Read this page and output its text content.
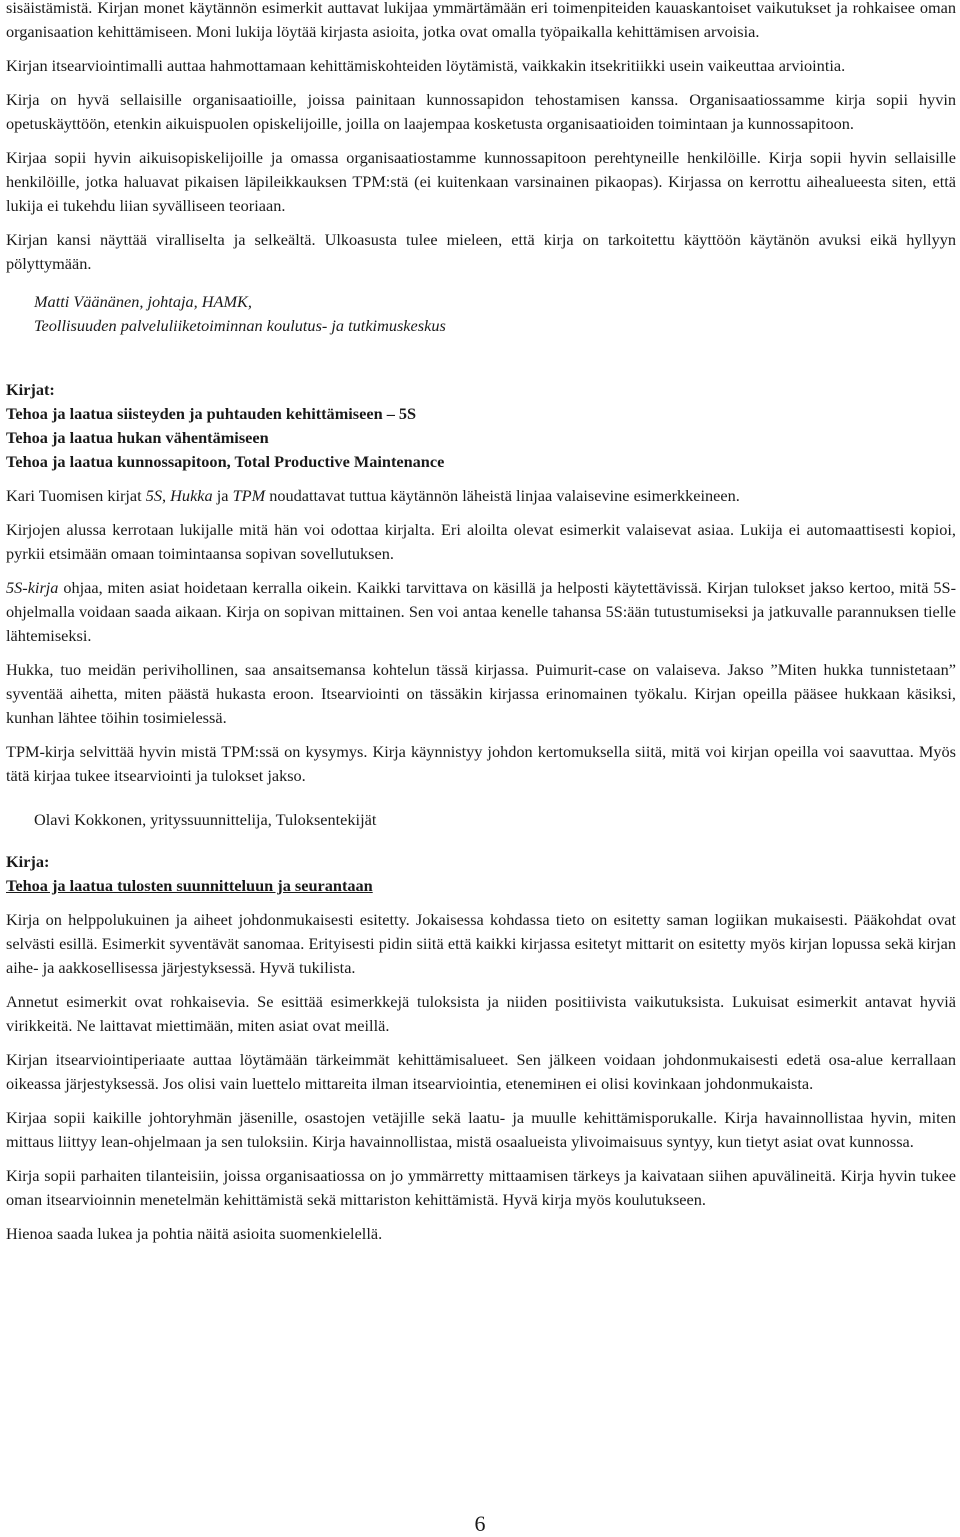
sisäistämistä. Kirjan monet käytännön esimerkit auttavat lukijaa ymmärtämään eri toimenpiteiden kauaskantoiset vaikutukset ja rohkaisee oman organisaation kehittämiseen. Moni lukija löytää kirjasta asioita, jotka ovat omalla työpaikalla kehittämisen arvoisia.

Kirjan itsearviointimalli auttaa hahmottamaan kehittämiskohteiden löytämistä, vaikkakin itsekritiikki usein vaikeuttaa arviointia.

Kirja on hyvä sellaisille organisaatioille, joissa painitaan kunnossapidon tehostamisen kanssa. Organisaatiossamme kirja sopii hyvin opetuskäyttöön, etenkin aikuispuolen opiskelijoille, joilla on laajempaa kosketusta organisaatioiden toimintaan ja kunnossapitoon.

Kirjaa sopii hyvin aikuisopiskelijoille ja omassa organisaatiostamme kunnossapitoon perehtyneille henkilöille. Kirja sopii hyvin sellaisille henkilöille, jotka haluavat pikaisen läpileikkauksen TPM:stä (ei kuitenkaan varsinainen pikaopas). Kirjassa on kerrottu aihealueesta siten, että lukija ei tukehdu liian syvälliseen teoriaan.

Kirjan kansi näyttää viralliselta ja selkeältä. Ulkoasusta tulee mieleen, että kirja on tarkoitettu käyttöön käytänön avuksi eikä hyllyyn pölyttymään.

Matti Väänänen, johtaja, HAMK,
Teollisuuden palveluliiketoiminnan koulutus- ja tutkimuskeskus
Kirjat:
Tehoa ja laatua siisteyden ja puhtauden kehittämiseen – 5S
Tehoa ja laatua hukan vähentämiseen
Tehoa ja laatua kunnossapitoon, Total Productive Maintenance

Kari Tuomisen kirjat 5S, Hukka ja TPM noudattavat tuttua käytännön läheistä linjaa valaisevine esimerkkeineen.

Kirjojen alussa kerrotaan lukijalle mitä hän voi odottaa kirjalta. Eri aloilta olevat esimerkit valaisevat asiaa. Lukija ei automaattisesti kopioi, pyrkii etsimään omaan toimintaansa sopivan sovellutuksen.

5S-kirja ohjaa, miten asiat hoidetaan kerralla oikein. Kaikki tarvittava on käsillä ja helposti käytettävissä. Kirjan tulokset jakso kertoo, mitä 5S-ohjelmalla voidaan saada aikaan. Kirja on sopivan mittainen. Sen voi antaa kenelle tahansa 5S:ään tutustumiseksi ja jatkuvalle parannuksen tielle lähtemiseksi.

Hukka, tuo meidän perivihollinen, saa ansaitsemansa kohtelun tässä kirjassa. Puimurit-case on valaiseva. Jakso ”Miten hukka tunnistetaan” syventää aihetta, miten päästä hukasta eroon. Itsearviointi on tässäkin kirjassa erinomainen työkalu. Kirjan opeilla pääsee hukkaan käsiksi, kunhan lähtee töihin tosimielessä.

TPM-kirja selvittää hyvin mistä TPM:ssä on kysymys. Kirja käynnistyy johdon kertomuksella siitä, mitä voi kirjan opeilla voi saavuttaa. Myös tätä kirjaa tukee itsearviointi ja tulokset jakso.

Olavi Kokkonen, yrityssuunnittelija, Tuloksentekijät
Kirja:
Tehoa ja laatua tulosten suunnitteluun ja seurantaan

Kirja on helppolukuinen ja aiheet johdonmukaisesti esitetty. Jokaisessa kohdassa tieto on esitetty saman logiikan mukaisesti. Pääkohdat ovat selvästi esillä. Esimerkit syventävät sanomaa. Erityisesti pidin siitä että kaikki kirjassa esitetyt mittarit on esitetty myös kirjan lopussa sekä kirjan aihe- ja aakkosellisessa järjestyksessä. Hyvä tukilista.

Annetut esimerkit ovat rohkaisevia. Se esittää esimerkkejä tuloksista ja niiden positiivista vaikutuksista. Lukuisat esimerkit antavat hyviä virikkeitä. Ne laittavat miettimään, miten asiat ovat meillä.

Kirjan itsearviointiperiaate auttaa löytämään tärkeimmät kehittämisalueet. Sen jälkeen voidaan johdonmukaisesti edetä osa-alue kerrallaan oikeassa järjestyksessä. Jos olisi vain luettelo mittareita ilman itsearviointia, etenemінen ei olisi kovinkaan johdonmukaista.

Kirjaa sopii kaikille johtoryhmän jäsenille, osastojen vetäjille sekä laatu- ja muulle kehittämisporukalle. Kirja havainnollistaa hyvin, miten mittaus liittyy lean-ohjelmaan ja sen tuloksiin. Kirja havainnollistaa, mistä osaalueista ylivoimaisuus syntyy, kun tietyt asiat ovat kunnossa.

Kirja sopii parhaiten tilanteisiin, joissa organisaatiossa on jo ymmärretty mittaamisen tärkeys ja kaivataan siihen apuvälineitä. Kirja hyvin tukee oman itsearvioinnin menetelmän kehittämistä sekä mittariston kehittämistä. Hyvä kirja myös koulutukseen.

Hienoa saada lukea ja pohtia näitä asioita suomenkielellä.

6
